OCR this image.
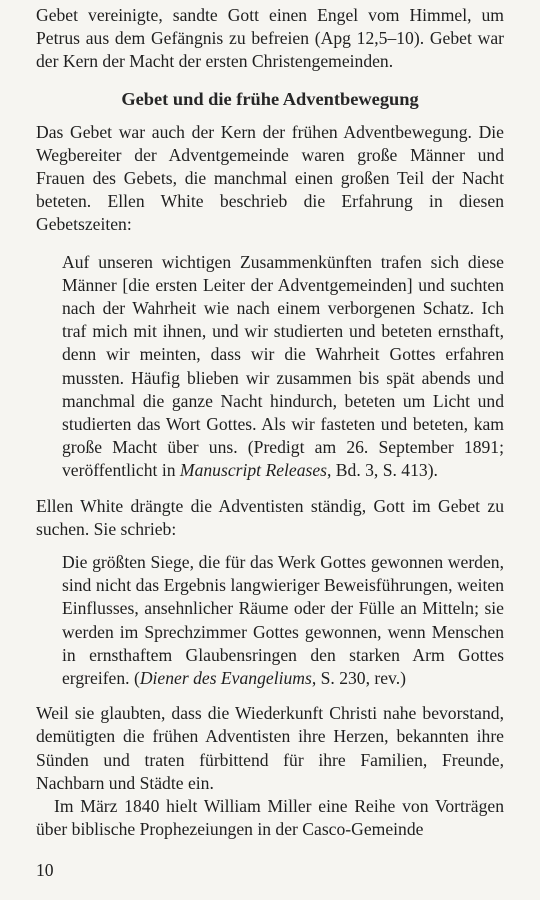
Gebet vereinigte, sandte Gott einen Engel vom Himmel, um Petrus aus dem Gefängnis zu befreien (Apg 12,5–10). Gebet war der Kern der Macht der ersten Christengemeinden.

Gebet und die frühe Adventbewegung

Das Gebet war auch der Kern der frühen Adventbewegung. Die Wegbereiter der Adventgemeinde waren große Männer und Frauen des Gebets, die manchmal einen großen Teil der Nacht beteten. Ellen White beschrieb die Erfahrung in diesen Gebetszeiten:

Auf unseren wichtigen Zusammenkünften trafen sich diese Männer [die ersten Leiter der Adventgemeinden] und suchten nach der Wahrheit wie nach einem verborgenen Schatz. Ich traf mich mit ihnen, und wir studierten und beteten ernsthaft, denn wir meinten, dass wir die Wahrheit Gottes erfahren mussten. Häufig blieben wir zusammen bis spät abends und manchmal die ganze Nacht hindurch, beteten um Licht und studierten das Wort Gottes. Als wir fasteten und beteten, kam große Macht über uns. (Predigt am 26. September 1891; veröffentlicht in Manuscript Releases, Bd. 3, S. 413).

Ellen White drängte die Adventisten ständig, Gott im Gebet zu suchen. Sie schrieb:

Die größten Siege, die für das Werk Gottes gewonnen werden, sind nicht das Ergebnis langwieriger Beweisführungen, weiten Einflusses, ansehnlicher Räume oder der Fülle an Mitteln; sie werden im Sprechzimmer Gottes gewonnen, wenn Menschen in ernsthaftem Glaubensringen den starken Arm Gottes ergreifen. (Diener des Evangeliums, S. 230, rev.)

Weil sie glaubten, dass die Wiederkunft Christi nahe bevorstand, demütigten die frühen Adventisten ihre Herzen, bekannten ihre Sünden und traten fürbittend für ihre Familien, Freunde, Nachbarn und Städte ein.

Im März 1840 hielt William Miller eine Reihe von Vorträgen über biblische Prophezeiungen in der Casco-Gemeinde

10
